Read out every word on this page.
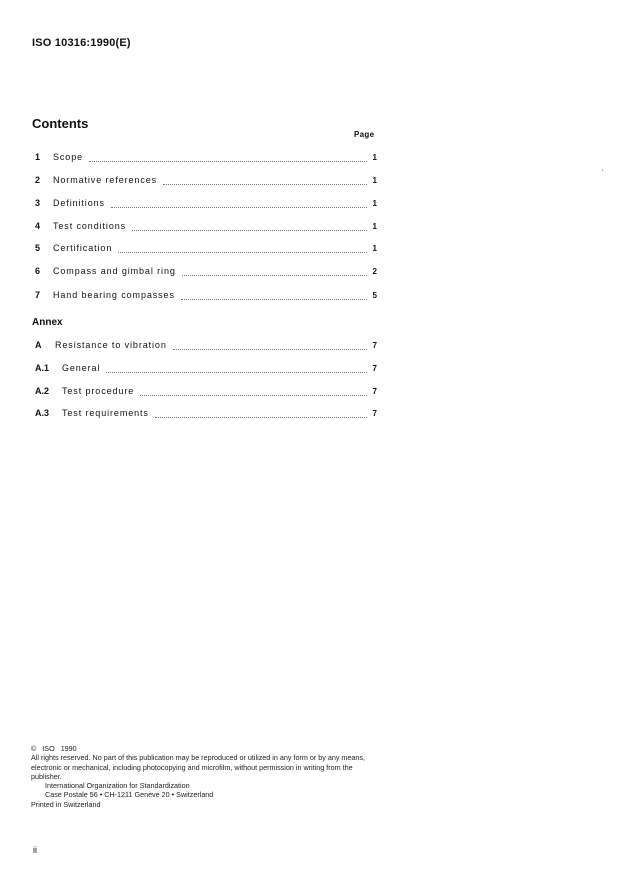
ISO 10316:1990(E)
Contents
Page
1	Scope	1
2	Normative references	1
3	Definitions	1
4	Test conditions	1
5	Certification	1
6	Compass and gimbal ring	2
7	Hand bearing compasses	5
Annex
A	Resistance to vibration	7
A.1	General	7
A.2	Test procedure	7
A.3	Test requirements	7
ʼ
© ISO 1990
All rights reserved. No part of this publication may be reproduced or utilized in any form or by any means, electronic or mechanical, including photocopying and microfilm, without permission in writing from the publisher.
International Organization for Standardization
Case Postale 56 • CH-1211 Genève 20 • Switzerland
Printed in Switzerland
ii
